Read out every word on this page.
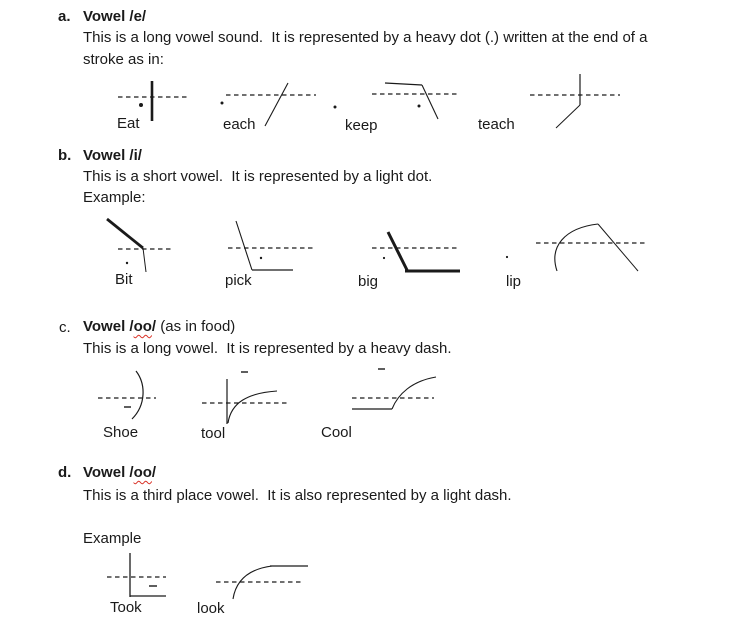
a. Vowel /e/
This is a long vowel sound.  It is represented by a heavy dot (.) written at the end of a
stroke as in:
Eat	each	keep	teach
b. Vowel /i/
This is a short vowel.  It is represented by a light dot.
Example:
Bit	pick	big	lip
c. Vowel /oo/ (as in food)
This is a long vowel.  It is represented by a heavy dash.
Shoe	tool	Cool
d. Vowel /oo/
This is a third place vowel.  It is also represented by a light dash.
Example
Took	look
